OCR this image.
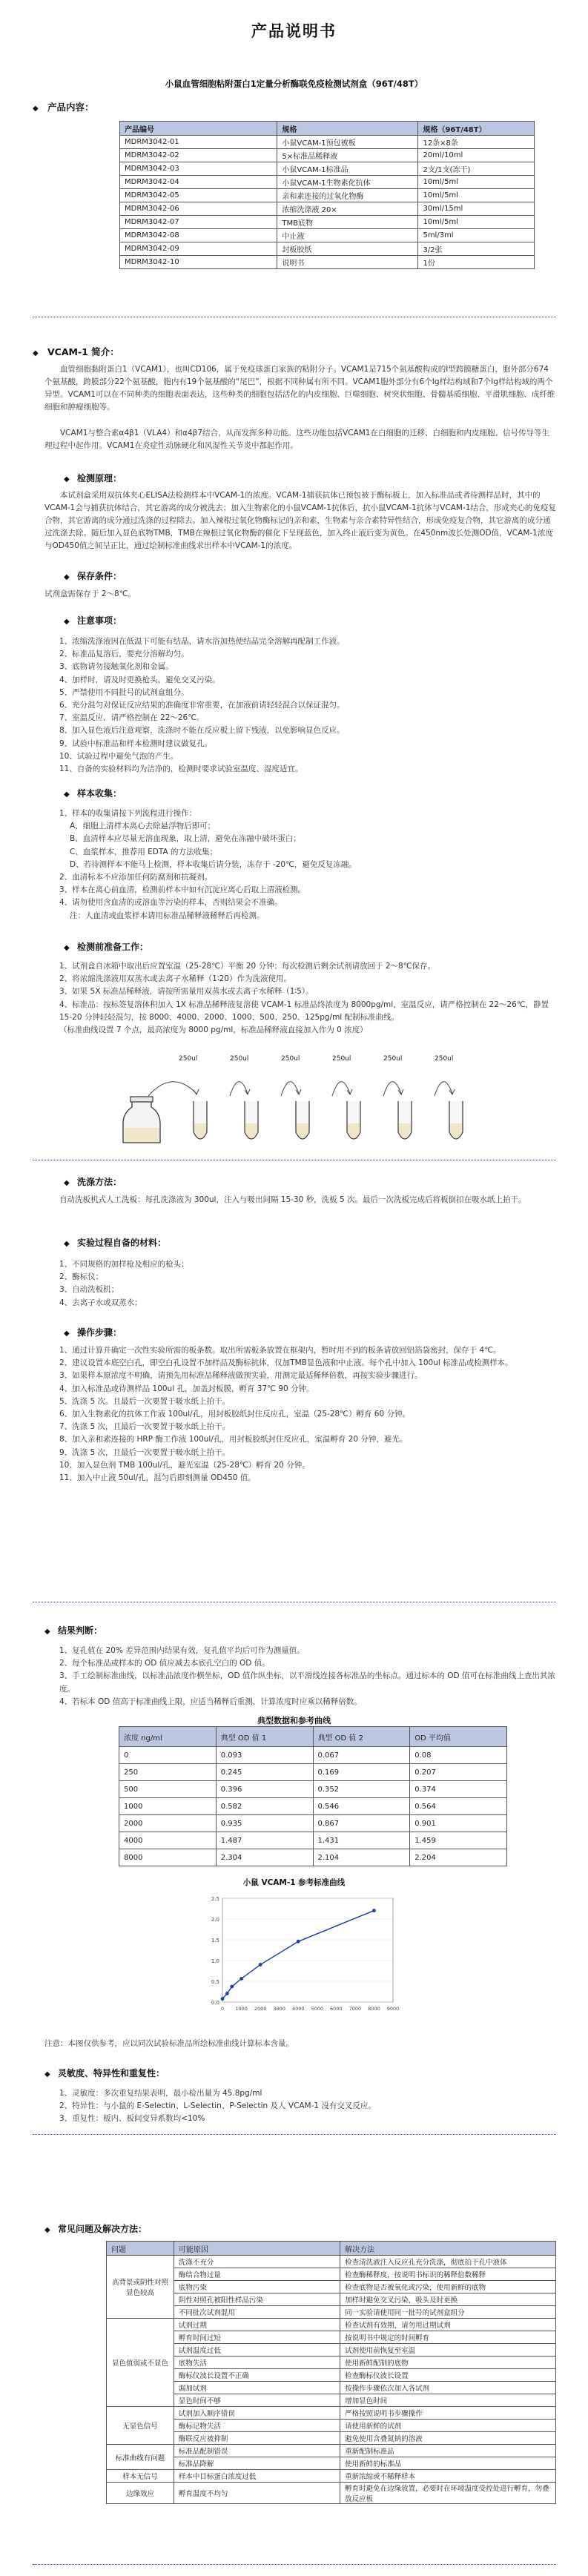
产品说明书
小鼠血管细胞粘附蛋白1定量分析酶联免疫检测试剂盒（96T/48T）
◆ 产品内容：
产品编号	规格	规格（96T/48T）
MDRM3042-01	小鼠VCAM-1预包被板	12条×8条
MDRM3042-02	5×标准品稀释液	20ml/10ml
MDRM3042-03	小鼠VCAM-1标准品	2支/1支(冻干)
MDRM3042-04	小鼠VCAM-1生物素化抗体	10ml/5ml
MDRM3042-05	亲和素连接的过氧化物酶	10ml/5ml
MDRM3042-06	浓缩洗涤液 20×	30ml/15ml
MDRM3042-07	TMB底物	10ml/5ml
MDRM3042-08	中止液	5ml/3ml
MDRM3042-09	封板胶纸	3/2张
MDRM3042-10	说明书	1份
◆ VCAM-1 简介：
血管细胞黏附蛋白1（VCAM1），也叫CD106，属于免疫球蛋白家族的粘附分子。VCAM1是715个氨基酸构成的I型跨膜糖蛋白，胞外部分674个氨基酸，跨膜部分22个氨基酸，胞内有19个氨基酸的“尾巴”，根据不同种属有所不同。VCAM1胞外部分有6个Ig样结构域和7个Ig样结构域的两个异型。VCAM1可以在不同种类的细胞表面表达，这些种类的细胞包括活化的内皮细胞、巨噬细胞、树突状细胞、骨髓基质细胞、平滑肌细胞、成纤维细胞和肿瘤细胞等。
VCAM1与整合素α4β1（VLA4）和α4β7结合，从而发挥多种功能。这些功能包括VCAM1在白细胞的迁移、白细胞和内皮细胞、信号传导等生理过程中起作用。VCAM1在炎症性动脉硬化和风湿性关节炎中都起作用。
◆ 检测原理：
本试剂盒采用双抗体夹心ELISA法检测样本中VCAM-1的浓度。VCAM-1捕获抗体已预包被于酶标板上，加入标准品或者待测样品时，其中的VCAM-1会与捕获抗体结合，其它游离的成分被洗去；加入生物素化的小鼠VCAM-1抗体后，抗小鼠VCAM-1抗体与VCAM-1结合，形成夹心的免疫复合物，其它游离的成分通过洗涤的过程除去。加入辣根过氧化物酶标记的亲和素，生物素与亲合素特异性结合，形成免疫复合物，其它游离的成分通过洗涤去除。随后加入显色底物TMB，TMB在辣根过氧化物酶的催化下呈现蓝色，加入终止液后变为黄色。在450nm波长处测OD值，VCAM-1浓度与OD450值之间呈正比，通过绘制标准曲线求出样本中VCAM-1的浓度。
◆ 保存条件：
试剂盒需保存于 2～8℃。
◆ 注意事项：
1、浓缩洗涤液因在低温下可能有结晶，请水浴加热使结晶完全溶解再配制工作液。
2、标准品复溶后，要充分溶解均匀。
3、底物请勿接触氧化剂和金属。
4、加样时，请及时更换枪头，避免交叉污染。
5、严禁使用不同批号的试剂盒组分。
6、充分混匀对保证反应结果的准确度非常重要，在加液前请轻轻混合以保证混匀。
7、室温反应，请严格控制在 22～26℃。
8、加入显色液后注意观察，洗涤时不能在反应板上留下残液，以免影响显色反应。
9、试验中标准品和样本检测时建议做复孔。
10、试验过程中避免气泡的产生。
11、自备的实验材料均为洁净的，检测时要求试验室温度、湿度适宜。
◆ 样本收集：
1、样本的收集请按下列流程进行操作：
A、细胞上清样本离心去除悬浮物后即可；
B、血清样本应尽量无溶血现象，取上清，避免在冻融中破坏蛋白；
C、血浆样本，推荐用 EDTA 的方法收集；
D、若待测样本不能马上检测，样本收集后请分装，冻存于 -20℃，避免反复冻融。
2、血清标本不应添加任何防腐剂和抗凝剂。
3、样本在离心前血清，检测前样本中如有沉淀应离心后取上清液检测。
4、请勿使用含血清的或溶血等污染的样本，否则结果会不准确。
注：人血清或血浆样本请用标准品稀释液稀释后再检测。
◆ 检测前准备工作：
1、试剂盒自冰箱中取出后应置室温（25-28℃）平衡 20 分钟；每次检测后剩余试剂请放回于 2～8℃保存。
2、将浓缩洗涤液用双蒸水或去离子水稀释（1∶20）作为洗液使用。
3、如果 5X 标准品稀释液，请按所需量用双蒸水或去离子水稀释（1∶5）。
4、标准品：按标签复溶体积加入 1X 标准品稀释液复溶使 VCAM-1 标准品终浓度为 8000pg/ml，室温反应，请严格控制在 22～26℃，静置 15-20 分钟轻轻混匀，按 8000、4000、2000、1000、500、250、125pg/ml 配制标准曲线。
（标准曲线设置 7 个点，最高浓度为 8000 pg/ml，标准品稀释液直接加入作为 0 浓度）
250ul	250ul	250ul	250ul	250ul	250ul
◆ 洗涤方法：
自动洗板机式人工洗板：每孔洗涤液为 300ul，注入与吸出间隔 15-30 秒，洗板 5 次。最后一次洗板完成后将板倒扣在吸水纸上拍干。
◆ 实验过程自备的材料：
1、不同规格的加样枪及相应的枪头；
2、酶标仪；
3、自动洗板机；
4、去离子水或双蒸水；
◆ 操作步骤：
1、通过计算并确定一次性实验所需的板条数。取出所需板条放置在框架内，暂时用不到的板条请放回铝箔袋密封，保存于 4℃。
2、建议设置本底空白孔，即空白孔设置不加样品及酶标抗体，仅加TMB显色液和中止液。每个孔中加入 100ul 标准品或检测样本。
3、如果样本原浓度不明确，请预先用标准品稀释液做预实验，用测定最适稀释倍数，再按实验步骤进行。
4、加入标准品或待测样品 100ul 孔，加盖封板膜，孵育 37℃ 90 分钟。
5、洗涤 5 次。且最后一次要置于吸水纸上拍干。
6、加入生物素化的抗体工作液 100ul/孔，用封板胶纸封住反应孔，室温（25-28℃）孵育 60 分钟。
7、洗涤 5 次，且最后一次要置于吸水纸上拍干。
8、加入亲和素连接的 HRP 酶工作液 100ul/孔，用封板胶纸封住反应孔，室温孵育 20 分钟，避光。
9、洗涤 5 次，且最后一次要置于吸水纸上拍干。
10、加入显色剂 TMB 100ul/孔，避光室温（25-28℃）孵育 20 分钟。
11、加入中止液 50ul/孔，混匀后即刻测量 OD450 值。
◆ 结果判断：
1、复孔值在 20% 差异范围内结果有效，复孔值平均后可作为测量值。
2、每个标准品或样本的 OD 值应减去本底孔空白的 OD 值。
3、手工绘制标准曲线，以标准品浓度作横坐标，OD 值作纵坐标，以平滑线连接各标准品的坐标点。通过标本的 OD 值可在标准曲线上查出其浓度。
4、若标本 OD 值高于标准曲线上限，应适当稀释后重测，计算浓度时应乘以稀释倍数。
典型数据和参考曲线
浓度 ng/ml	典型 OD 值 1	典型 OD 值 2	OD 平均值
0	0.093	0.067	0.08
250	0.245	0.169	0.207
500	0.396	0.352	0.374
1000	0.582	0.546	0.564
2000	0.935	0.867	0.901
4000	1.487	1.431	1.459
8000	2.304	2.104	2.204
小鼠 VCAM-1 参考标准曲线
0.0
0.5
1.0
1.5
2.0
2.5
0 1000 2000 3000 4000 5000 6000 7000 8000 9000
注意：本图仅供参考，应以同次试验标准品所绘标准曲线计算标本含量。
◆ 灵敏度、特异性和重复性：
1、灵敏度：多次重复结果表明，最小检出量为 45.8pg/ml
2、特异性：与小鼠的 E-Selectin、L-Selectin、P-Selectin 及人 VCAM-1 没有交叉反应。
3、重复性：板内、板间变异系数均<10%
◆ 常见问题及解决方法：
问题	可能原因	解决方法
高背景或阴性对照显色较高	洗涤不充分	检查清洗液注入反应孔充分洗涤，彻底拍干孔中液体
	酶结合物过量	检查酶稀释度，按说明书标识的稀释倍数稀释
	底物污染	检查底物是否被氧化或污染，使用新鲜的底物
	阴性对照孔被阳性样品污染	加样时避免交叉污染，吸头及时更换
	不同批次试剂混用	同一实验请使用同一批号的试剂盒组分
显色值弱或不显色	试剂过期	检查试剂有效期，请勿用过期试剂
	孵育时间过短	按说明书中规定的时间孵育
	试剂温度过低	试剂使用前恢复至室温
	底物失活	使用新鲜配制的底物
	酶标仪波长设置不正确	检查酶标仪波长设置
	漏加试剂	按操作步骤依次加入各试剂
	显色时间不够	增加显色时间
无显色信号	试剂加入顺序错误	严格按照说明书步骤操作
	酶标记物失活	请使用新鲜的试剂
	酶联反应被抑制	避免使用含叠氮钠的溶液
标准曲线有问题	标准品配制错误	重新配制标准品
	标准品降解	使用新鲜的标准品
样本无信号	样本中目标蛋白浓度过低	重新浓缩或不稀释样本
边缘效应	孵育温度不均匀	孵育时避免在边缘放置，必要时在环境温度受控处进行孵育，勿叠放反应板
